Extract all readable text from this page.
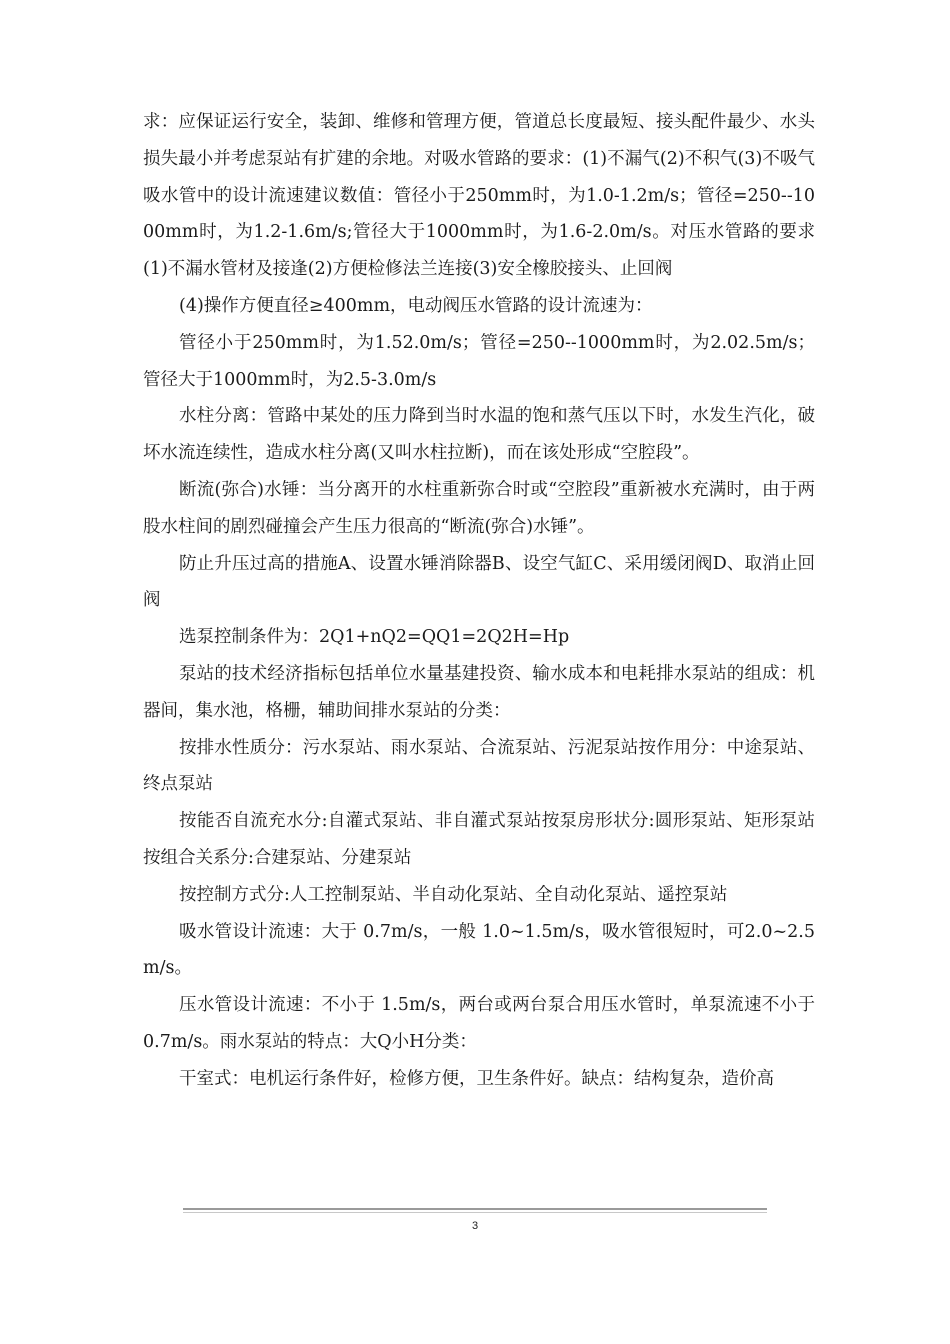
求：应保证运行安全，装卸、维修和管理方便，管道总长度最短、接头配件最少、水头损失最小并考虑泵站有扩建的余地。对吸水管路的要求：(1)不漏气(2)不积气(3)不吸气吸水管中的设计流速建议数值：管径小于250mm时，为1.0-1.2m/s；管径=250--1000mm时，为1.2-1.6m/s;管径大于1000mm时，为1.6-2.0m/s。对压水管路的要求(1)不漏水管材及接逢(2)方便检修法兰连接(3)安全橡胶接头、止回阀

(4)操作方便直径≥400mm，电动阀压水管路的设计流速为：

管径小于250mm时，为1.52.0m/s；管径=250--1000mm时，为2.02.5m/s；管径大于1000mm时，为2.5-3.0m/s

水柱分离：管路中某处的压力降到当时水温的饱和蒸气压以下时，水发生汽化，破坏水流连续性，造成水柱分离(又叫水柱拉断)，而在该处形成“空腔段”。

断流(弥合)水锤：当分离开的水柱重新弥合时或“空腔段”重新被水充满时，由于两股水柱间的剧烈碰撞会产生压力很高的“断流(弥合)水锤”。

防止升压过高的措施A、设置水锤消除器B、设空气缸C、采用缓闭阀D、取消止回阀

选泵控制条件为：2Q1+nQ2=QQ1=2Q2H=Hp

泵站的技术经济指标包括单位水量基建投资、输水成本和电耗排水泵站的组成：机器间，集水池，格栅，辅助间排水泵站的分类：

按排水性质分：污水泵站、雨水泵站、合流泵站、污泥泵站按作用分：中途泵站、终点泵站

按能否自流充水分:自灌式泵站、非自灌式泵站按泵房形状分:圆形泵站、矩形泵站按组合关系分:合建泵站、分建泵站

按控制方式分:人工控制泵站、半自动化泵站、全自动化泵站、遥控泵站

吸水管设计流速：大于 0.7m/s，一般 1.0~1.5m/s，吸水管很短时，可2.0~2.5m/s。

压水管设计流速：不小于 1.5m/s，两台或两台泵合用压水管时，单泵流速不小于0.7m/s。雨水泵站的特点：大Q小H分类：

干室式：电机运行条件好，检修方便，卫生条件好。缺点：结构复杂，造价高

3
